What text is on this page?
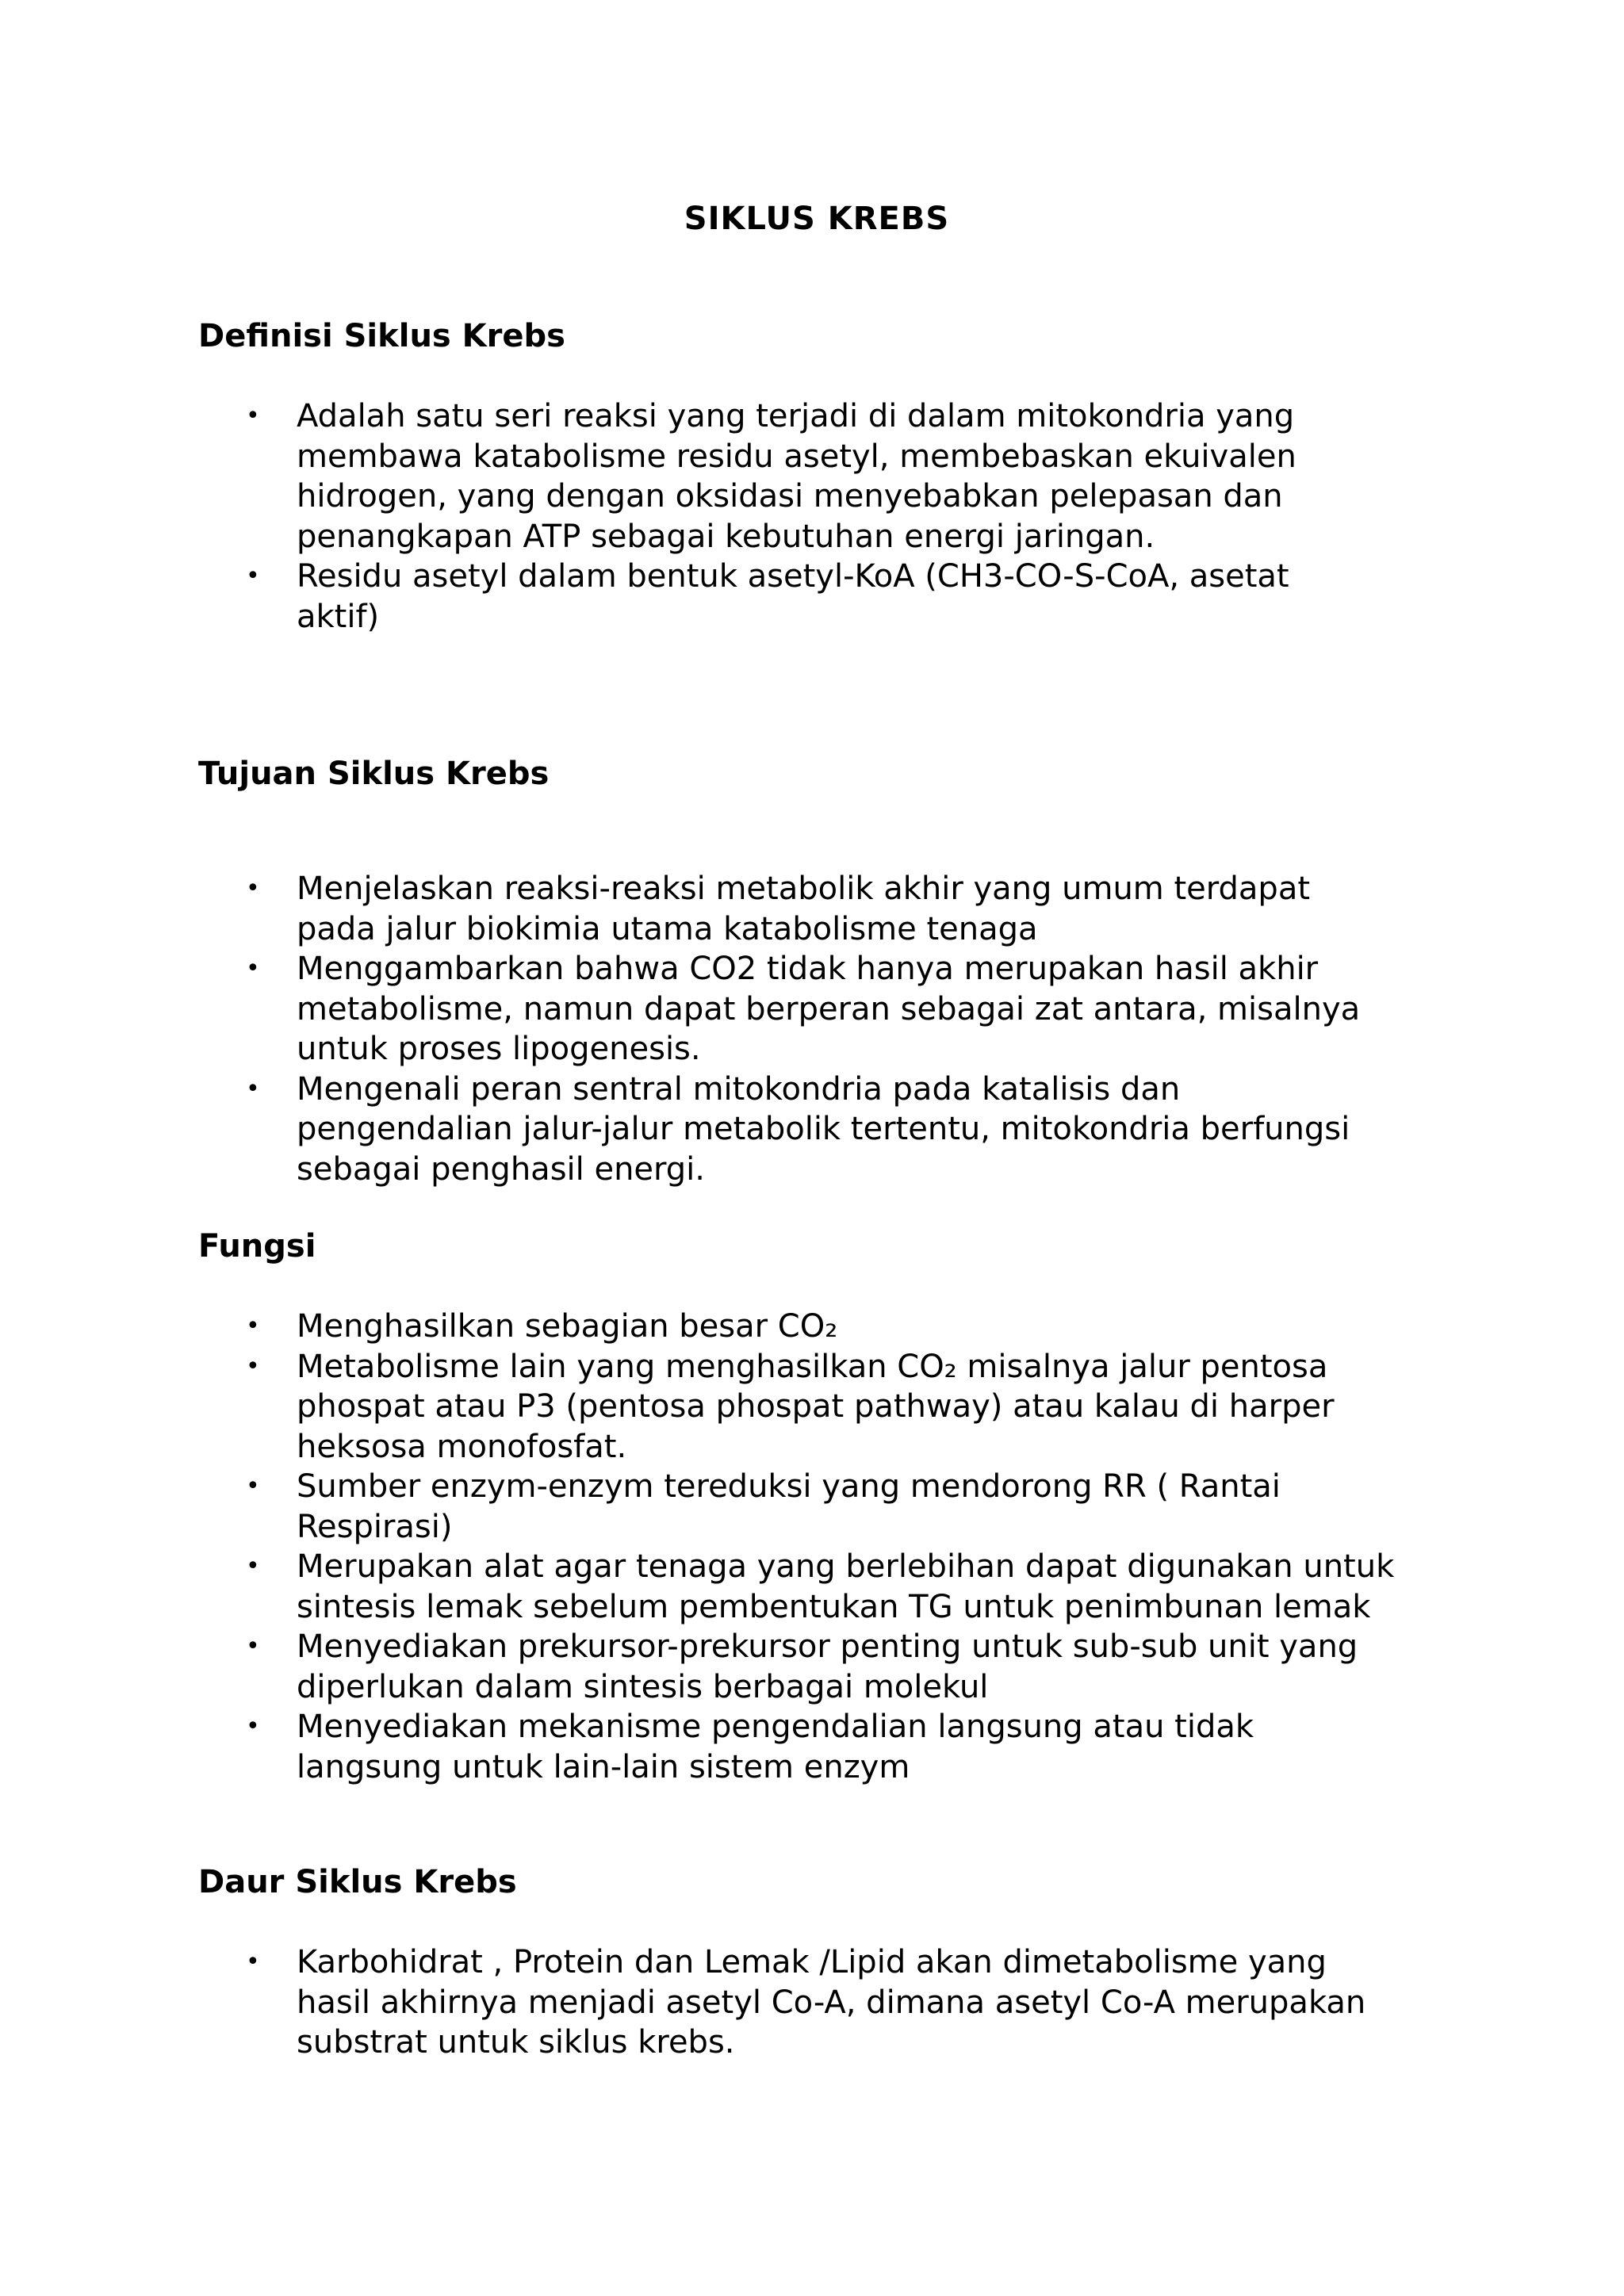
SIKLUS KREBS
Definisi Siklus Krebs
• Adalah satu seri reaksi yang terjadi di dalam mitokondria yang
membawa katabolisme residu asetyl, membebaskan ekuivalen
hidrogen, yang dengan oksidasi menyebabkan pelepasan dan
penangkapan ATP sebagai kebutuhan energi jaringan.
• Residu asetyl dalam bentuk asetyl-KoA (CH3-CO-S-CoA, asetat
aktif)
Tujuan Siklus Krebs
• Menjelaskan reaksi-reaksi metabolik akhir yang umum terdapat
pada jalur biokimia utama katabolisme tenaga
• Menggambarkan bahwa CO2 tidak hanya merupakan hasil akhir
metabolisme, namun dapat berperan sebagai zat antara, misalnya
untuk proses lipogenesis.
• Mengenali peran sentral mitokondria pada katalisis dan
pengendalian jalur-jalur metabolik tertentu, mitokondria berfungsi
sebagai penghasil energi.
Fungsi
• Menghasilkan sebagian besar CO₂
• Metabolisme lain yang menghasilkan CO₂ misalnya jalur pentosa
phospat atau P3 (pentosa phospat pathway) atau kalau di harper
heksosa monofosfat.
• Sumber enzym-enzym tereduksi yang mendorong RR ( Rantai
Respirasi)
• Merupakan alat agar tenaga yang berlebihan dapat digunakan untuk
sintesis lemak sebelum pembentukan TG untuk penimbunan lemak
• Menyediakan prekursor-prekursor penting untuk sub-sub unit yang
diperlukan dalam sintesis berbagai molekul
• Menyediakan mekanisme pengendalian langsung atau tidak
langsung untuk lain-lain sistem enzym
Daur Siklus Krebs
• Karbohidrat , Protein dan Lemak /Lipid akan dimetabolisme yang
hasil akhirnya menjadi asetyl Co-A, dimana asetyl Co-A merupakan
substrat untuk siklus krebs.
